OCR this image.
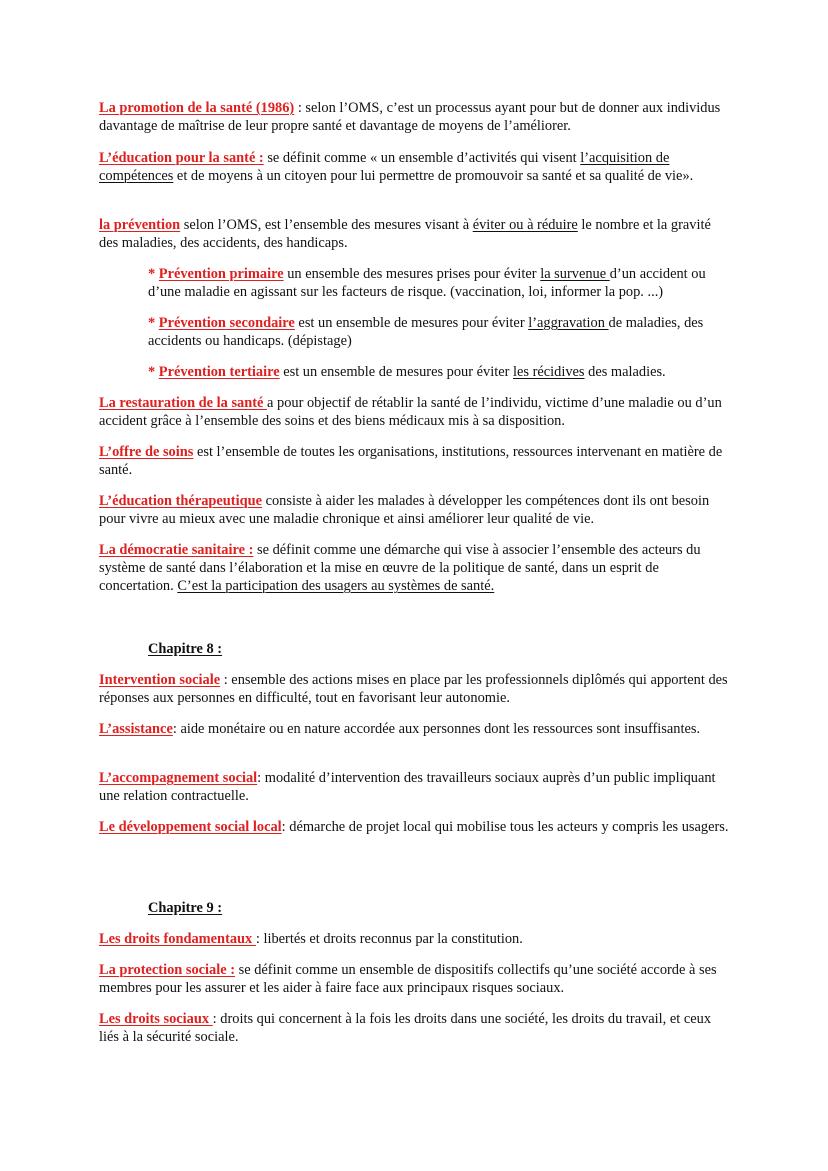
La promotion de la santé (1986) : selon l’OMS, c’est un processus ayant pour but de donner aux individus davantage de maîtrise de leur propre santé et davantage de moyens de l’améliorer.

L’éducation pour la santé : se définit comme « un ensemble d’activités qui visent l’acquisition de compétences et de moyens à un citoyen pour lui permettre de promouvoir sa santé et sa qualité de vie».

la prévention selon l’OMS, est l’ensemble des mesures visant à éviter ou à réduire le nombre et la gravité des maladies, des accidents, des handicaps.

* Prévention primaire un ensemble des mesures prises pour éviter la survenue d’un accident ou d’une maladie en agissant sur les facteurs de risque. (vaccination, loi, informer la pop. ...)

* Prévention secondaire est un ensemble de mesures pour éviter l’aggravation de maladies, des accidents ou handicaps. (dépistage)

* Prévention tertiaire est un ensemble de mesures pour éviter les récidives des maladies.

La restauration de la santé a pour objectif de rétablir la santé de l’individu, victime d’une maladie ou d’un accident grâce à l’ensemble des soins et des biens médicaux mis à sa disposition.

L’offre de soins est l’ensemble de toutes les organisations, institutions, ressources intervenant en matière de santé.

L’éducation thérapeutique consiste à aider les malades à développer les compétences dont ils ont besoin pour vivre au mieux avec une maladie chronique et ainsi améliorer leur qualité de vie.

La démocratie sanitaire : se définit comme une démarche qui vise à associer l’ensemble des acteurs du système de santé dans l’élaboration et la mise en œuvre de la politique de santé, dans un esprit de concertation. C’est la participation des usagers au systèmes de santé.

Chapitre 8 :

Intervention sociale : ensemble des actions mises en place par les professionnels diplômés qui apportent des réponses aux personnes en difficulté, tout en favorisant leur autonomie.

L’assistance: aide monétaire ou en nature accordée aux personnes dont les ressources sont insuffisantes.

L’accompagnement social: modalité d’intervention des travailleurs sociaux auprès d’un public impliquant une relation contractuelle.

Le développement social local: démarche de projet local qui mobilise tous les acteurs y compris les usagers.

Chapitre 9 :

Les droits fondamentaux : libertés et droits reconnus par la constitution.

La protection sociale : se définit comme un ensemble de dispositifs collectifs qu’une société accorde à ses membres pour les assurer et les aider à faire face aux principaux risques sociaux.

Les droits sociaux : droits qui concernent à la fois les droits dans une société, les droits du travail, et ceux liés à la sécurité sociale.
